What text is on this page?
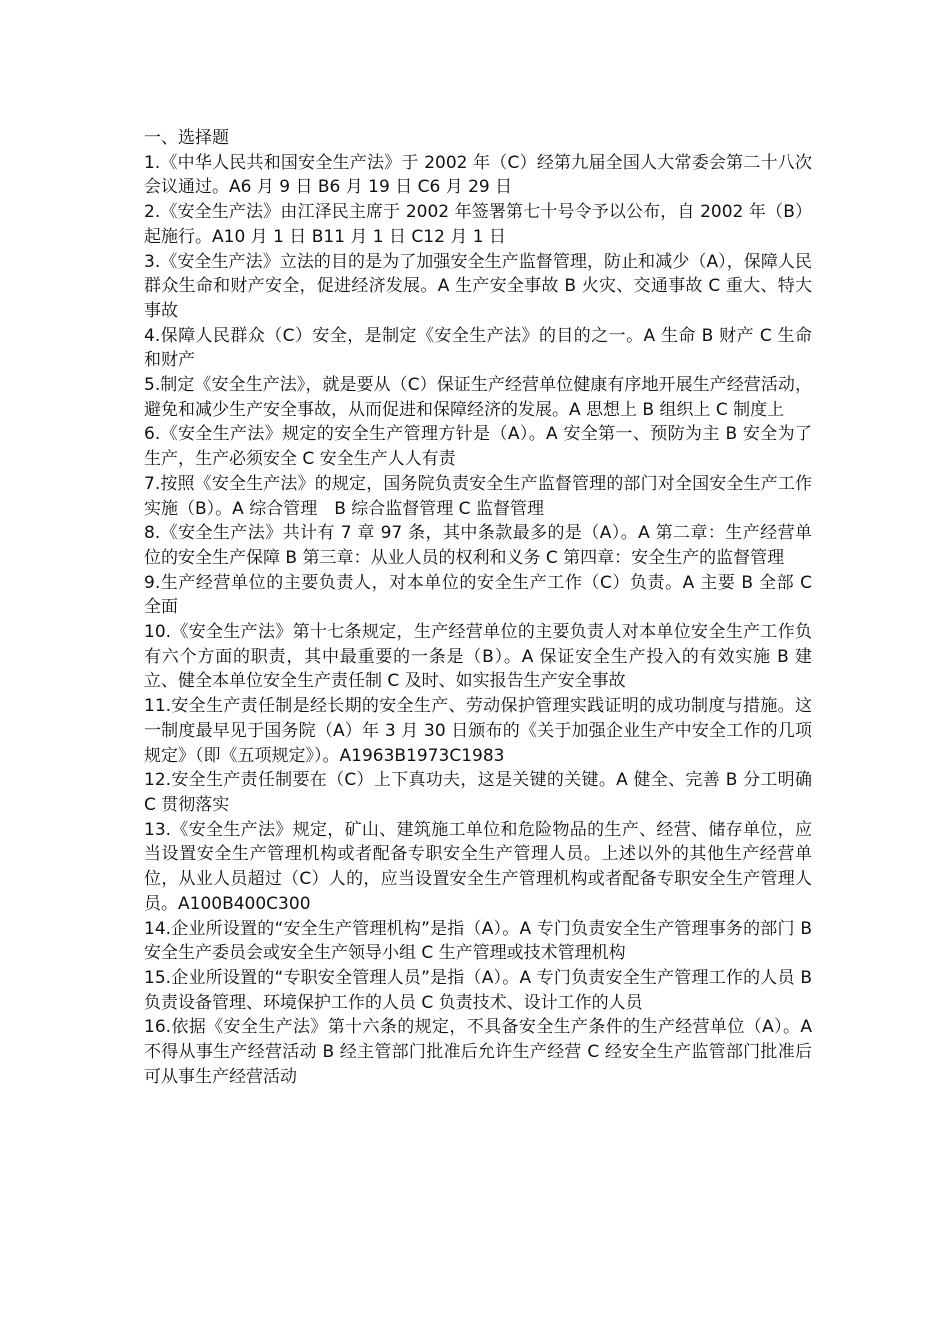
一、选择题

1.《中华人民共和国安全生产法》于 2002 年（C）经第九届全国人大常委会第二十八次会议通过。A6 月 9 日 B6 月 19 日 C6 月 29 日

2.《安全生产法》由江泽民主席于 2002 年签署第七十号令予以公布，自 2002 年（B）起施行。A10 月 1 日 B11 月 1 日 C12 月 1 日

3.《安全生产法》立法的目的是为了加强安全生产监督管理，防止和减少（A），保障人民群众生命和财产安全，促进经济发展。A 生产安全事故 B 火灾、交通事故 C 重大、特大事故

4.保障人民群众（C）安全，是制定《安全生产法》的目的之一。A 生命 B 财产 C 生命和财产

5.制定《安全生产法》，就是要从（C）保证生产经营单位健康有序地开展生产经营活动，避免和减少生产安全事故，从而促进和保障经济的发展。A 思想上 B 组织上 C 制度上

6.《安全生产法》规定的安全生产管理方针是（A）。A 安全第一、预防为主 B 安全为了生产，生产必须安全 C 安全生产人人有责

7.按照《安全生产法》的规定，国务院负责安全生产监督管理的部门对全国安全生产工作实施（B）。A 综合管理　B 综合监督管理 C 监督管理

8.《安全生产法》共计有 7 章 97 条，其中条款最多的是（A）。A 第二章：生产经营单位的安全生产保障 B 第三章：从业人员的权利和义务 C 第四章：安全生产的监督管理

9.生产经营单位的主要负责人，对本单位的安全生产工作（C）负责。A 主要 B 全部 C 全面

10.《安全生产法》第十七条规定，生产经营单位的主要负责人对本单位安全生产工作负有六个方面的职责，其中最重要的一条是（B）。A 保证安全生产投入的有效实施 B 建立、健全本单位安全生产责任制 C 及时、如实报告生产安全事故

11.安全生产责任制是经长期的安全生产、劳动保护管理实践证明的成功制度与措施。这一制度最早见于国务院（A）年 3 月 30 日颁布的《关于加强企业生产中安全工作的几项规定》（即《五项规定》）。A1963B1973C1983

12.安全生产责任制要在（C）上下真功夫，这是关键的关键。A 健全、完善 B 分工明确 C 贯彻落实

13.《安全生产法》规定，矿山、建筑施工单位和危险物品的生产、经营、储存单位，应当设置安全生产管理机构或者配备专职安全生产管理人员。上述以外的其他生产经营单位，从业人员超过（C）人的，应当设置安全生产管理机构或者配备专职安全生产管理人员。A100B400C300

14.企业所设置的“安全生产管理机构”是指（A）。A 专门负责安全生产管理事务的部门 B 安全生产委员会或安全生产领导小组 C 生产管理或技术管理机构

15.企业所设置的“专职安全管理人员”是指（A）。A 专门负责安全生产管理工作的人员 B 负责设备管理、环境保护工作的人员 C 负责技术、设计工作的人员

16.依据《安全生产法》第十六条的规定，不具备安全生产条件的生产经营单位（A）。A 不得从事生产经营活动 B 经主管部门批准后允许生产经营 C 经安全生产监管部门批准后可从事生产经营活动
